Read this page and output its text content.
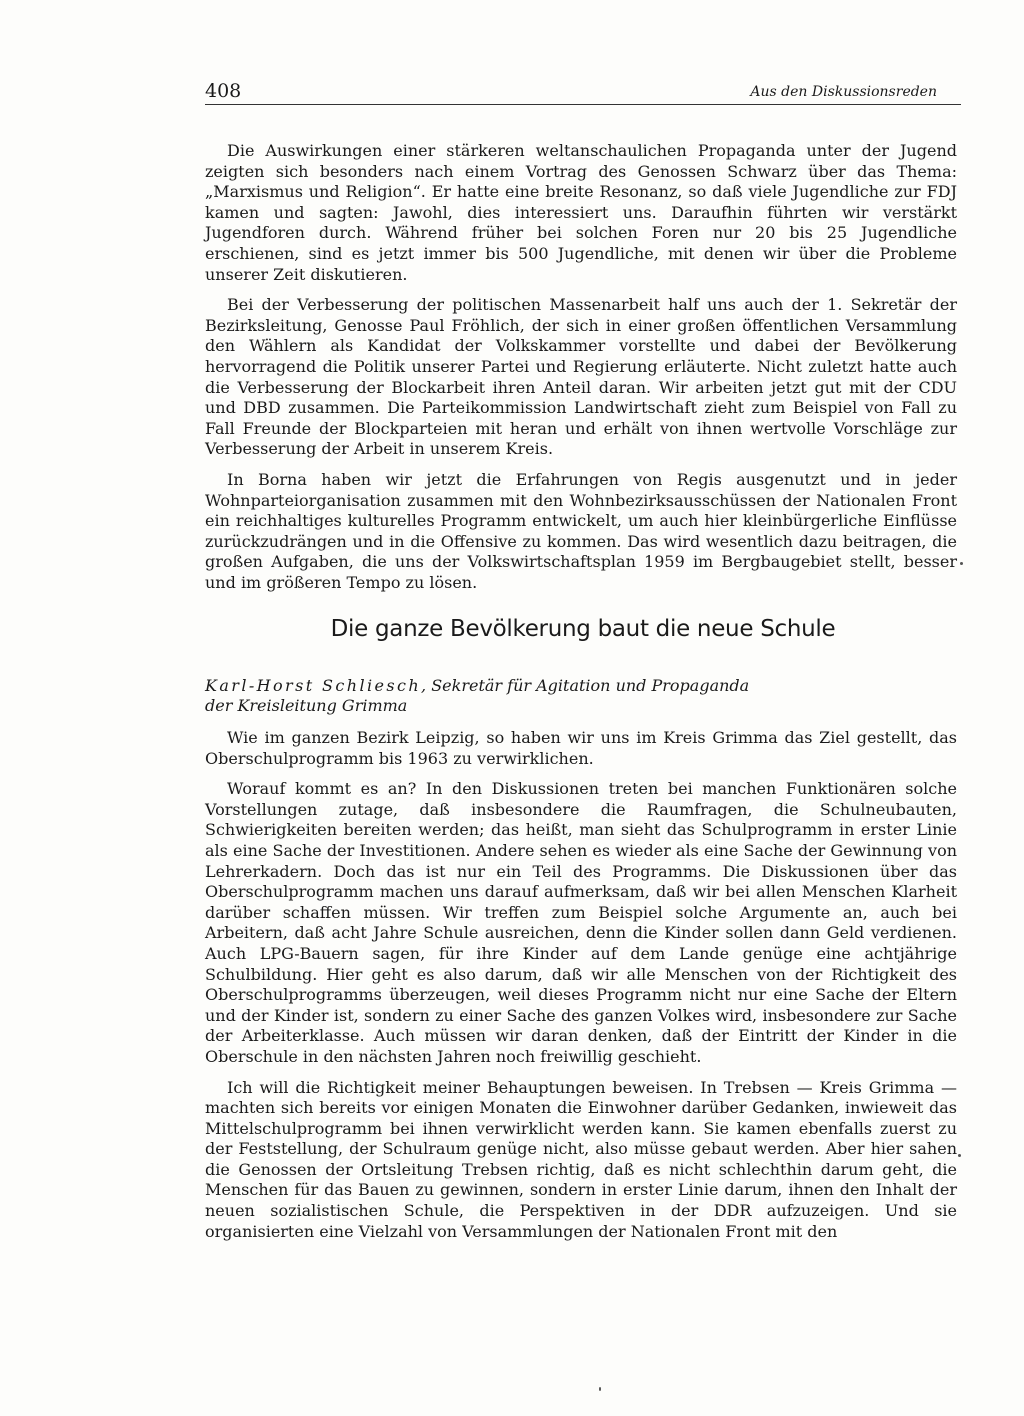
408	Aus den Diskussionsreden

Die Auswirkungen einer stärkeren weltanschaulichen Propaganda unter der Jugend zeigten sich besonders nach einem Vortrag des Genossen Schwarz über das Thema: „Marxismus und Religion“. Er hatte eine breite Resonanz, so daß viele Jugendliche zur FDJ kamen und sagten: Jawohl, dies interessiert uns. Daraufhin führten wir verstärkt Jugendforen durch. Während früher bei solchen Foren nur 20 bis 25 Jugendliche erschienen, sind es jetzt immer bis 500 Jugendliche, mit denen wir über die Probleme unserer Zeit diskutieren.

Bei der Verbesserung der politischen Massenarbeit half uns auch der 1. Sekretär der Bezirksleitung, Genosse Paul Fröhlich, der sich in einer großen öffentlichen Versammlung den Wählern als Kandidat der Volkskammer vorstellte und dabei der Bevölkerung hervorragend die Politik unserer Partei und Regierung erläuterte. Nicht zuletzt hatte auch die Verbesserung der Blockarbeit ihren Anteil daran. Wir arbeiten jetzt gut mit der CDU und DBD zusammen. Die Parteikommission Landwirtschaft zieht zum Beispiel von Fall zu Fall Freunde der Blockparteien mit heran und erhält von ihnen wertvolle Vorschläge zur Verbesserung der Arbeit in unserem Kreis.

In Borna haben wir jetzt die Erfahrungen von Regis ausgenutzt und in jeder Wohnparteiorganisation zusammen mit den Wohnbezirksausschüssen der Nationalen Front ein reichhaltiges kulturelles Programm entwickelt, um auch hier kleinbürgerliche Einflüsse zurückzudrängen und in die Offensive zu kommen. Das wird wesentlich dazu beitragen, die großen Aufgaben, die uns der Volkswirtschaftsplan 1959 im Bergbaugebiet stellt, besser und im größeren Tempo zu lösen.

Die ganze Bevölkerung baut die neue Schule
Karl-Horst Schliesch, Sekretär für Agitation und Propaganda
der Kreisleitung Grimma

Wie im ganzen Bezirk Leipzig, so haben wir uns im Kreis Grimma das Ziel gestellt, das Oberschulprogramm bis 1963 zu verwirklichen.

Worauf kommt es an? In den Diskussionen treten bei manchen Funktionären solche Vorstellungen zutage, daß insbesondere die Raumfragen, die Schulneubauten, Schwierigkeiten bereiten werden; das heißt, man sieht das Schulprogramm in erster Linie als eine Sache der Investitionen. Andere sehen es wieder als eine Sache der Gewinnung von Lehrerkadern. Doch das ist nur ein Teil des Programms. Die Diskussionen über das Oberschulprogramm machen uns darauf aufmerksam, daß wir bei allen Menschen Klarheit darüber schaffen müssen. Wir treffen zum Beispiel solche Argumente an, auch bei Arbeitern, daß acht Jahre Schule ausreichen, denn die Kinder sollen dann Geld verdienen. Auch LPG-Bauern sagen, für ihre Kinder auf dem Lande genüge eine achtjährige Schulbildung. Hier geht es also darum, daß wir alle Menschen von der Richtigkeit des Oberschulprogramms überzeugen, weil dieses Programm nicht nur eine Sache der Eltern und der Kinder ist, sondern zu einer Sache des ganzen Volkes wird, insbesondere zur Sache der Arbeiterklasse. Auch müssen wir daran denken, daß der Eintritt der Kinder in die Oberschule in den nächsten Jahren noch freiwillig geschieht.

Ich will die Richtigkeit meiner Behauptungen beweisen. In Trebsen — Kreis Grimma — machten sich bereits vor einigen Monaten die Einwohner darüber Gedanken, inwieweit das Mittelschulprogramm bei ihnen verwirklicht werden kann. Sie kamen ebenfalls zuerst zu der Feststellung, der Schulraum genüge nicht, also müsse gebaut werden. Aber hier sahen die Genossen der Ortsleitung Trebsen richtig, daß es nicht schlechthin darum geht, die Menschen für das Bauen zu gewinnen, sondern in erster Linie darum, ihnen den Inhalt der neuen sozialistischen Schule, die Perspektiven in der DDR aufzuzeigen. Und sie organisierten eine Vielzahl von Versammlungen der Nationalen Front mit den
